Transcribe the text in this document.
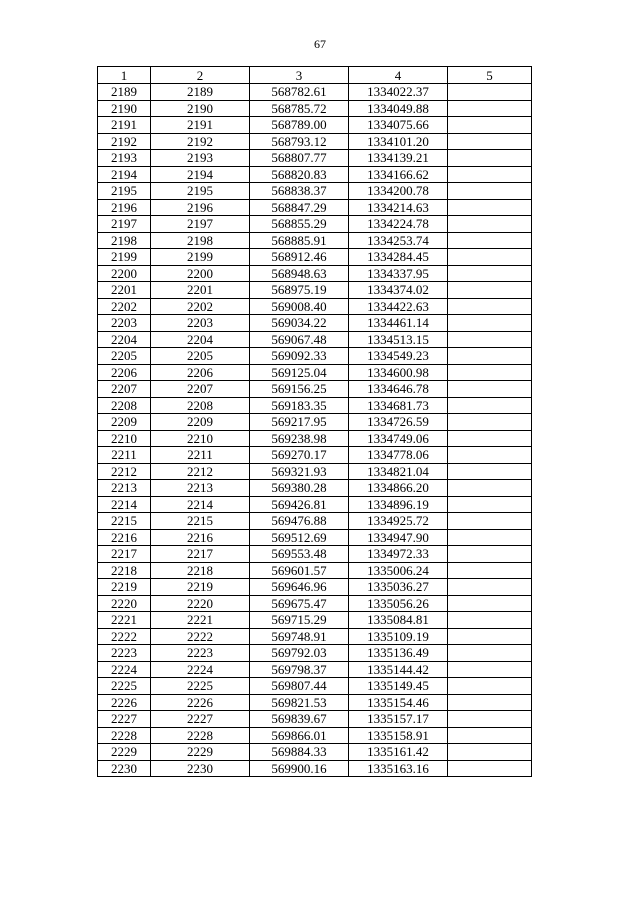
67
1	2	3	4	5
2189	2189	568782.61	1334022.37	
2190	2190	568785.72	1334049.88	
2191	2191	568789.00	1334075.66	
2192	2192	568793.12	1334101.20	
2193	2193	568807.77	1334139.21	
2194	2194	568820.83	1334166.62	
2195	2195	568838.37	1334200.78	
2196	2196	568847.29	1334214.63	
2197	2197	568855.29	1334224.78	
2198	2198	568885.91	1334253.74	
2199	2199	568912.46	1334284.45	
2200	2200	568948.63	1334337.95	
2201	2201	568975.19	1334374.02	
2202	2202	569008.40	1334422.63	
2203	2203	569034.22	1334461.14	
2204	2204	569067.48	1334513.15	
2205	2205	569092.33	1334549.23	
2206	2206	569125.04	1334600.98	
2207	2207	569156.25	1334646.78	
2208	2208	569183.35	1334681.73	
2209	2209	569217.95	1334726.59	
2210	2210	569238.98	1334749.06	
2211	2211	569270.17	1334778.06	
2212	2212	569321.93	1334821.04	
2213	2213	569380.28	1334866.20	
2214	2214	569426.81	1334896.19	
2215	2215	569476.88	1334925.72	
2216	2216	569512.69	1334947.90	
2217	2217	569553.48	1334972.33	
2218	2218	569601.57	1335006.24	
2219	2219	569646.96	1335036.27	
2220	2220	569675.47	1335056.26	
2221	2221	569715.29	1335084.81	
2222	2222	569748.91	1335109.19	
2223	2223	569792.03	1335136.49	
2224	2224	569798.37	1335144.42	
2225	2225	569807.44	1335149.45	
2226	2226	569821.53	1335154.46	
2227	2227	569839.67	1335157.17	
2228	2228	569866.01	1335158.91	
2229	2229	569884.33	1335161.42	
2230	2230	569900.16	1335163.16	
